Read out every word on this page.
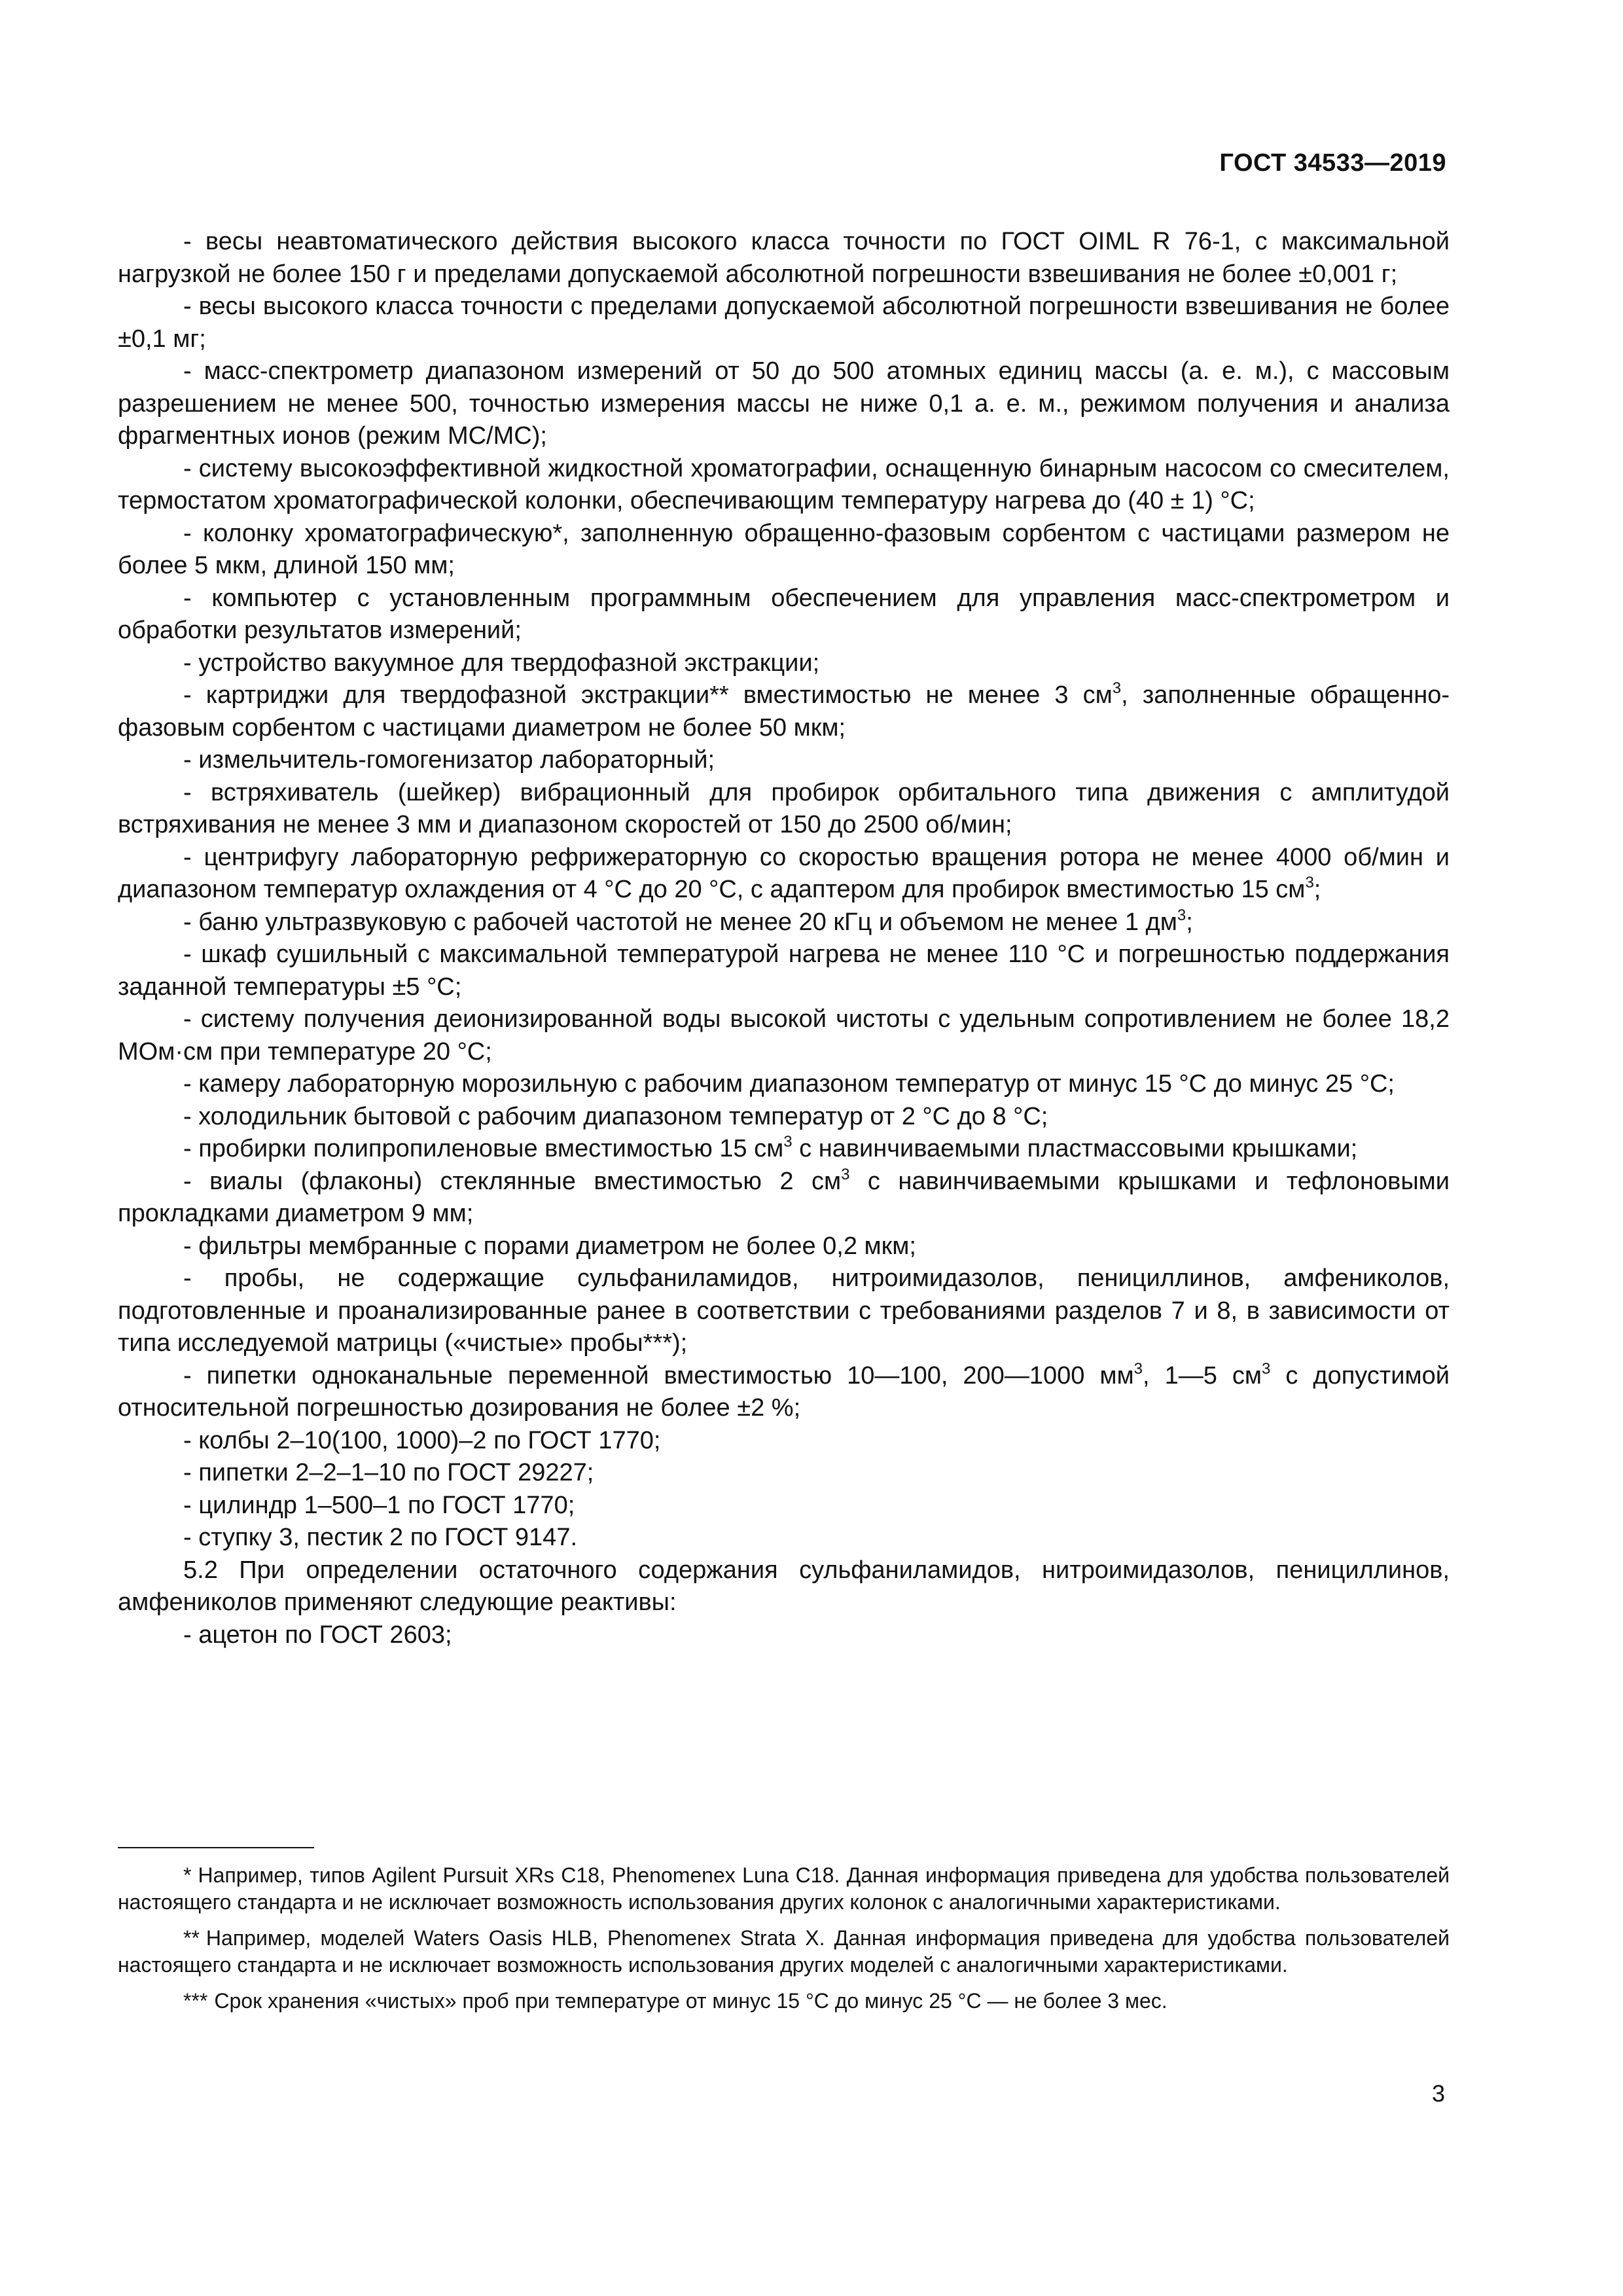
ГОСТ 34533—2019

- весы неавтоматического действия высокого класса точности по ГОСТ OIML R 76-1, с максимальной нагрузкой не более 150 г и пределами допускаемой абсолютной погрешности взвешивания не более ±0,001 г;

- весы высокого класса точности с пределами допускаемой абсолютной погрешности взвешивания не более ±0,1 мг;

- масс-спектрометр диапазоном измерений от 50 до 500 атомных единиц массы (а. е. м.), с массовым разрешением не менее 500, точностью измерения массы не ниже 0,1 а. е. м., режимом получения и анализа фрагментных ионов (режим МС/МС);

- систему высокоэффективной жидкостной хроматографии, оснащенную бинарным насосом со смесителем, термостатом хроматографической колонки, обеспечивающим температуру нагрева до (40 ± 1) °С;

- колонку хроматографическую*, заполненную обращенно-фазовым сорбентом с частицами размером не более 5 мкм, длиной 150 мм;

- компьютер с установленным программным обеспечением для управления масс-спектрометром и обработки результатов измерений;

- устройство вакуумное для твердофазной экстракции;

- картриджи для твердофазной экстракции** вместимостью не менее 3 $см^3$, заполненные обращенно-фазовым сорбентом с частицами диаметром не более 50 мкм;

- измельчитель-гомогенизатор лабораторный;

- встряхиватель (шейкер) вибрационный для пробирок орбитального типа движения с амплитудой встряхивания не менее 3 мм и диапазоном скоростей от 150 до 2500 об/мин;

- центрифугу лабораторную рефрижераторную со скоростью вращения ротора не менее 4000 об/мин и диапазоном температур охлаждения от 4 °С до 20 °С, с адаптером для пробирок вместимостью 15 $см^3$;

- баню ультразвуковую с рабочей частотой не менее 20 кГц и объемом не менее 1 $дм^3$;

- шкаф сушильный с максимальной температурой нагрева не менее 110 °С и погрешностью поддержания заданной температуры ±5 °С;

- систему получения деионизированной воды высокой чистоты с удельным сопротивлением не более 18,2 МОм·см при температуре 20 °С;

- камеру лабораторную морозильную с рабочим диапазоном температур от минус 15 °С до минус 25 °С;

- холодильник бытовой с рабочим диапазоном температур от 2 °С до 8 °С;

- пробирки полипропиленовые вместимостью 15 $см^3$ с навинчиваемыми пластмассовыми крышками;

- виалы (флаконы) стеклянные вместимостью 2 $см^3$ с навинчиваемыми крышками и тефлоновыми прокладками диаметром 9 мм;

- фильтры мембранные с порами диаметром не более 0,2 мкм;

- пробы, не содержащие сульфаниламидов, нитроимидазолов, пенициллинов, амфениколов, подготовленные и проанализированные ранее в соответствии с требованиями разделов 7 и 8, в зависимости от типа исследуемой матрицы («чистые» пробы***);

- пипетки одноканальные переменной вместимостью 10—100, 200—1000 $мм^3$, 1—5 $см^3$ с допустимой относительной погрешностью дозирования не более ±2 %;

- колбы 2–10(100, 1000)–2 по ГОСТ 1770;

- пипетки 2–2–1–10 по ГОСТ 29227;

- цилиндр 1–500–1 по ГОСТ 1770;

- ступку 3, пестик 2 по ГОСТ 9147.

5.2 При определении остаточного содержания сульфаниламидов, нитроимидазолов, пенициллинов, амфениколов применяют следующие реактивы:

- ацетон по ГОСТ 2603;

* Например, типов Agilent Pursuit XRs C18, Phenomenex Luna C18. Данная информация приведена для удобства пользователей настоящего стандарта и не исключает возможность использования других колонок с аналогичными характеристиками.

** Например, моделей Waters Oasis HLB, Phenomenex Strata X. Данная информация приведена для удобства пользователей настоящего стандарта и не исключает возможность использования других моделей с аналогичными характеристиками.

*** Срок хранения «чистых» проб при температуре от минус 15 °С до минус 25 °С — не более 3 мес.

3
